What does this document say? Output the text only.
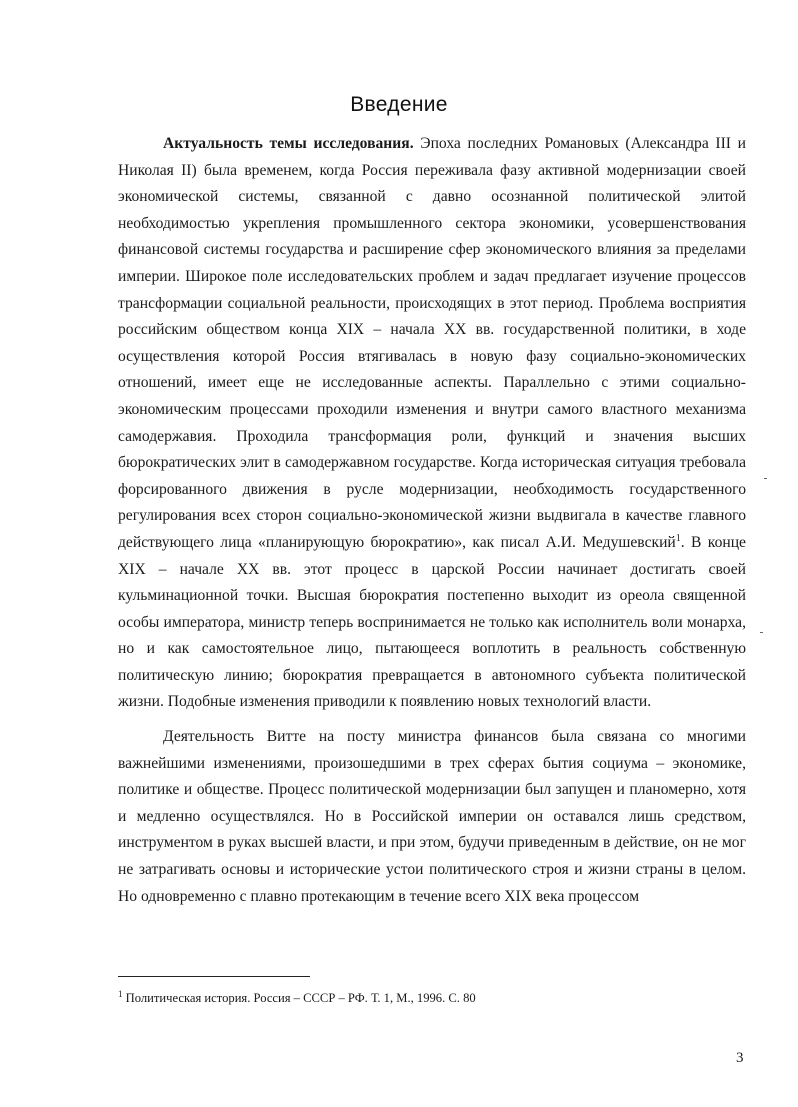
Введение

Актуальность темы исследования. Эпоха последних Романовых (Александра III и Николая II) была временем, когда Россия переживала фазу активной модернизации своей экономической системы, связанной с давно осознанной политической элитой необходимостью укрепления промышленного сектора экономики, усовершенствования финансовой системы государства и расширение сфер экономического влияния за пределами империи. Широкое поле исследовательских проблем и задач предлагает изучение процессов трансформации социальной реальности, происходящих в этот период. Проблема восприятия российским обществом конца XIX – начала XX вв. государственной политики, в ходе осуществления которой Россия втягивалась в новую фазу социально-экономических отношений, имеет еще не исследованные аспекты. Параллельно с этими социально-экономическим процессами проходили изменения и внутри самого властного механизма самодержавия. Проходила трансформация роли, функций и значения высших бюрократических элит в самодержавном государстве. Когда историческая ситуация требовала форсированного движения в русле модернизации, необходимость государственного регулирования всех сторон социально-экономической жизни выдвигала в качестве главного действующего лица «планирующую бюрократию», как писал А.И. Медушевский$^1$. В конце XIX – начале XX вв. этот процесс в царской России начинает достигать своей кульминационной точки. Высшая бюрократия постепенно выходит из ореола священной особы императора, министр теперь воспринимается не только как исполнитель воли монарха, но и как самостоятельное лицо, пытающееся воплотить в реальность собственную политическую линию; бюрократия превращается в автономного субъекта политической жизни. Подобные изменения приводили к появлению новых технологий власти.

Деятельность Витте на посту министра финансов была связана со многими важнейшими изменениями, произошедшими в трех сферах бытия социума – экономике, политике и обществе. Процесс политической модернизации был запущен и планомерно, хотя и медленно осуществлялся. Но в Российской империи он оставался лишь средством, инструментом в руках высшей власти, и при этом, будучи приведенным в действие, он не мог не затрагивать основы и исторические устои политического строя и жизни страны в целом. Но одновременно с плавно протекающим в течение всего XIX века процессом

$^1$ Политическая история. Россия – СССР – РФ. Т. 1, М., 1996. С. 80
3
